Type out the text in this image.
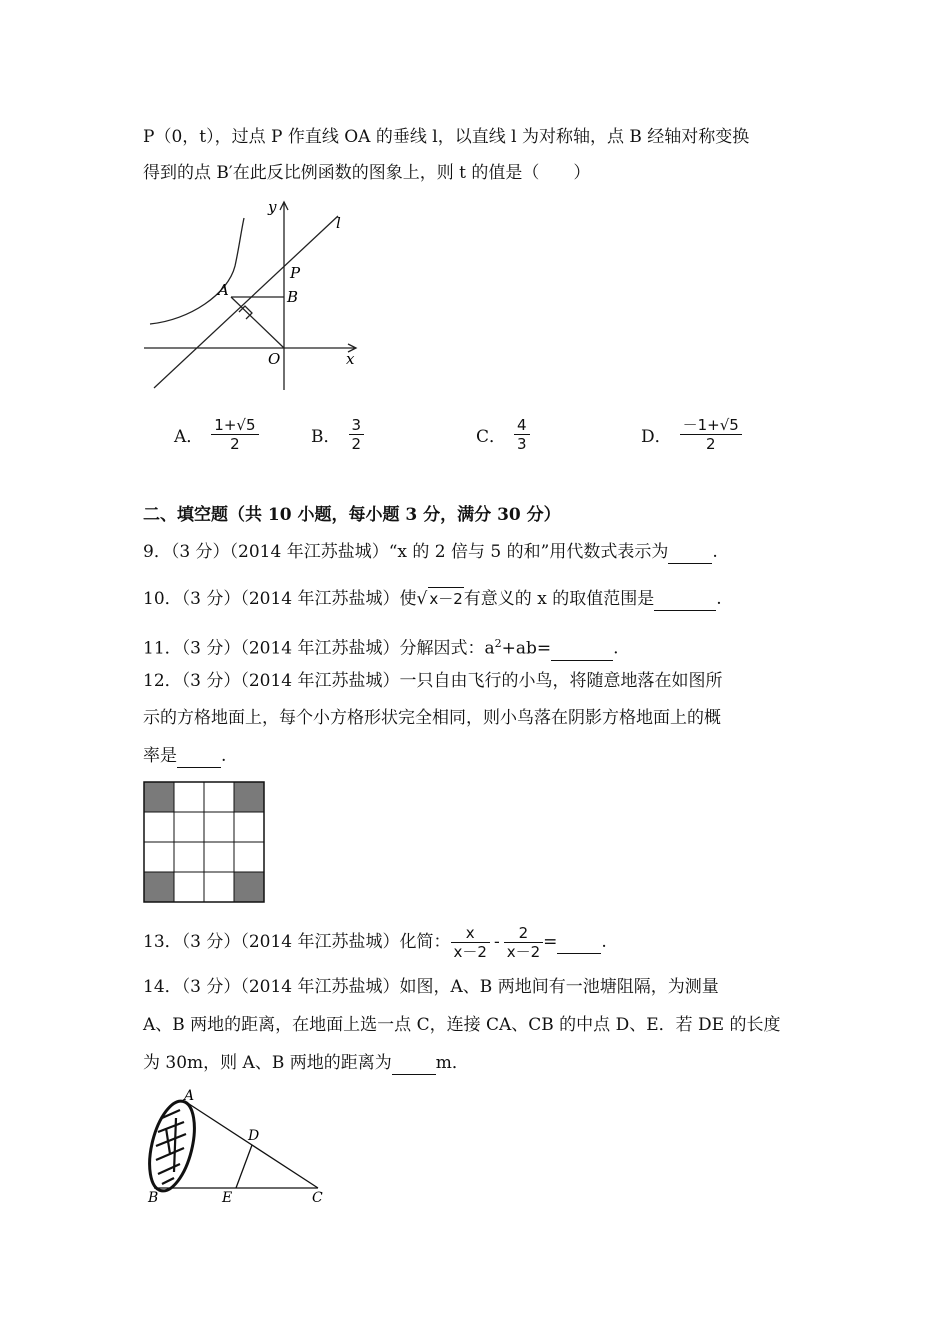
P（0，t），过点 P 作直线 OA 的垂线 l，以直线 l 为对称轴，点 B 经轴对称变换
得到的点 B′在此反比例函数的图象上，则 t 的值是（　　）
y
l
P
A	B
O	x
A． $\frac{1+√5}{2}$	B． $\frac{3}{2}$	C． $\frac{4}{3}$	D． $\frac{-1+√5}{2}$
二、填空题（共 10 小题，每小题 3 分，满分 30 分）
9．（3 分）（2014 年江苏盐城）“x 的 2 倍与 5 的和”用代数式表示为	.
10．（3 分）（2014 年江苏盐城）使√ x－2有意义的 x 的取值范围是	.
11．（3 分）（2014 年江苏盐城）分解因式：$a^2+ab=$	.
12．（3 分）（2014 年江苏盐城）一只自由飞行的小鸟，将随意地落在如图所
示的方格地面上，每个小方格形状完全相同，则小鸟落在阴影方格地面上的概
率是	.
13．（3 分）（2014 年江苏盐城）化简： $\frac{x}{x-2} - \frac{2}{x-2}$ =
	.
14．（3 分）（2014 年江苏盐城）如图，A、B 两地间有一池塘阻隔，为测量
A、B 两地的距离，在地面上选一点 C，连接 CA、CB 的中点 D、E．若 DE 的长度
为 30m，则 A、B 两地的距离为	m．
A
D
B	E	C
